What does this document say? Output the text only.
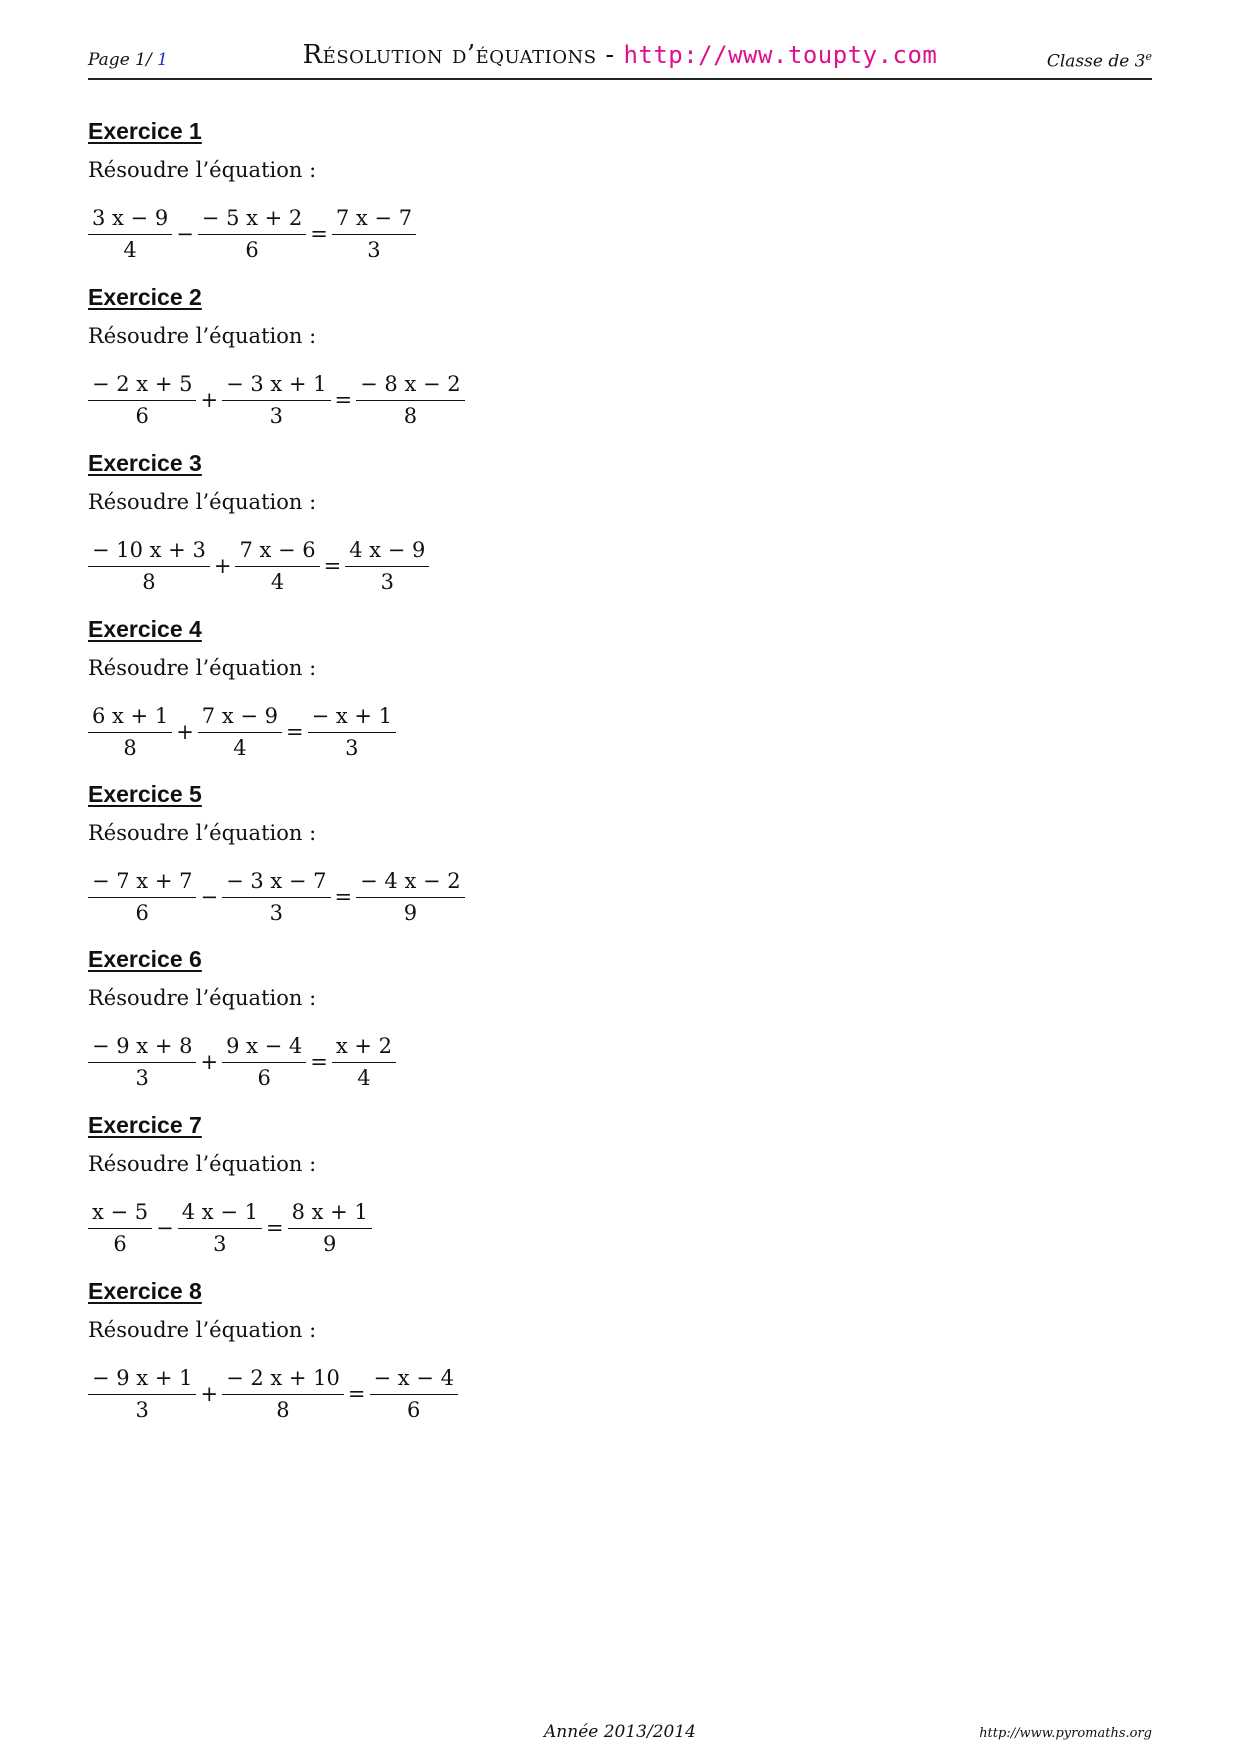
Page 1/ 1	Résolution d’équations - http://www.toupty.com	Classe de 3e
Exercice 1
Résoudre l’équation :
$\frac{3 x - 9}{4} - \frac{- 5 x + 2}{6} = \frac{7 x - 7}{3}$
Exercice 2
Résoudre l’équation :
$\frac{- 2 x + 5}{6} + \frac{- 3 x + 1}{3} = \frac{- 8 x - 2}{8}$
Exercice 3
Résoudre l’équation :
$\frac{- 10 x + 3}{8} + \frac{7 x - 6}{4} = \frac{4 x - 9}{3}$
Exercice 4
Résoudre l’équation :
$\frac{6 x + 1}{8} + \frac{7 x - 9}{4} = \frac{- x + 1}{3}$
Exercice 5
Résoudre l’équation :
$\frac{- 7 x + 7}{6} - \frac{- 3 x - 7}{3} = \frac{- 4 x - 2}{9}$
Exercice 6
Résoudre l’équation :
$\frac{- 9 x + 8}{3} + \frac{9 x - 4}{6} = \frac{x + 2}{4}$
Exercice 7
Résoudre l’équation :
$\frac{x - 5}{6} - \frac{4 x - 1}{3} = \frac{8 x + 1}{9}$
Exercice 8
Résoudre l’équation :
$\frac{- 9 x + 1}{3} + \frac{- 2 x + 10}{8} = \frac{- x - 4}{6}$
Année 2013/2014	http://www.pyromaths.org
